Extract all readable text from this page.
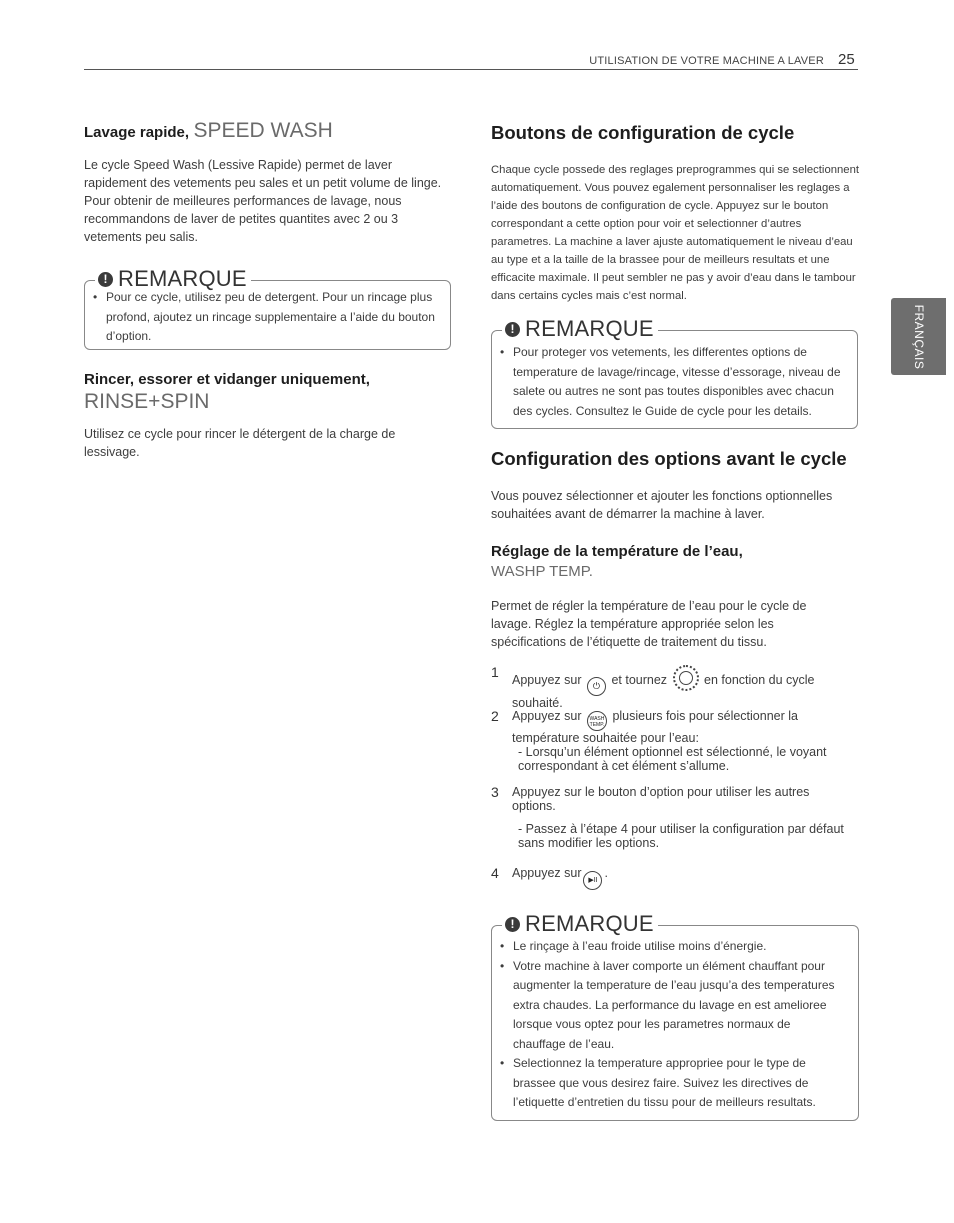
UTILISATION DE VOTRE MACHINE A LAVER 25
FRANÇAIS
Lavage rapide, SPEED WASH
Le cycle Speed Wash (Lessive Rapide) permet de laver rapidement des vetements peu sales et un petit volume de linge. Pour obtenir de meilleures performances de lavage, nous recommandons de laver de petites quantites avec 2 ou 3 vetements peu salis.
! REMARQUE
• Pour ce cycle, utilisez peu de detergent. Pour un rincage plus profond, ajoutez un rincage supplementaire a l’aide du bouton d’option.
Rincer, essorer et vidanger uniquement,
RINSE+SPIN
Utilisez ce cycle pour rincer le détergent de la charge de lessivage.
Boutons de configuration de cycle
Chaque cycle possede des reglages preprogrammes qui se selectionnent automatiquement. Vous pouvez egalement personnaliser les reglages a l’aide des boutons de configuration de cycle. Appuyez sur le bouton correspondant a cette option pour voir et selectionner d’autres parametres. La machine a laver ajuste automatiquement le niveau d’eau au type et a la taille de la brassee pour de meilleurs resultats et une efficacite maximale. Il peut sembler ne pas y avoir d’eau dans le tambour dans certains cycles mais c’est normal.
! REMARQUE
• Pour proteger vos vetements, les differentes options de temperature de lavage/rincage, vitesse d’essorage, niveau de salete ou autres ne sont pas toutes disponibles avec chacun des cycles. Consultez le Guide de cycle pour les details.
Configuration des options avant le cycle
Vous pouvez sélectionner et ajouter les fonctions optionnelles souhaitées avant de démarrer la machine à laver.
Réglage de la température de l’eau,
WASHP TEMP.
Permet de régler la température de l’eau pour le cycle de lavage. Réglez la température appropriée selon les spécifications de l’étiquette de traitement du tissu.
1 Appuyez sur ⏻ et tournez	en fonction du cycle souhaité.
2 Appuyez sur WASH TEMP. plusieurs fois pour sélectionner la température souhaitée pour l’eau:
- Lorsqu’un élément optionnel est sélectionné, le voyant correspondant à cet élément s’allume.
3 Appuyez sur le bouton d’option pour utiliser les autres options.
- Passez à l’étape 4 pour utiliser la configuration par défaut sans modifier les options.
4 Appuyez sur▶II.
! REMARQUE
• Le rinçage à l’eau froide utilise moins d’énergie.
• Votre machine à laver comporte un élément chauffant pour augmenter la temperature de l’eau jusqu’a des temperatures extra chaudes. La performance du lavage en est amelioree lorsque vous optez pour les parametres normaux de chauffage de l’eau.
• Selectionnez la temperature appropriee pour le type de brassee que vous desirez faire. Suivez les directives de l’etiquette d’entretien du tissu pour de meilleurs resultats.
